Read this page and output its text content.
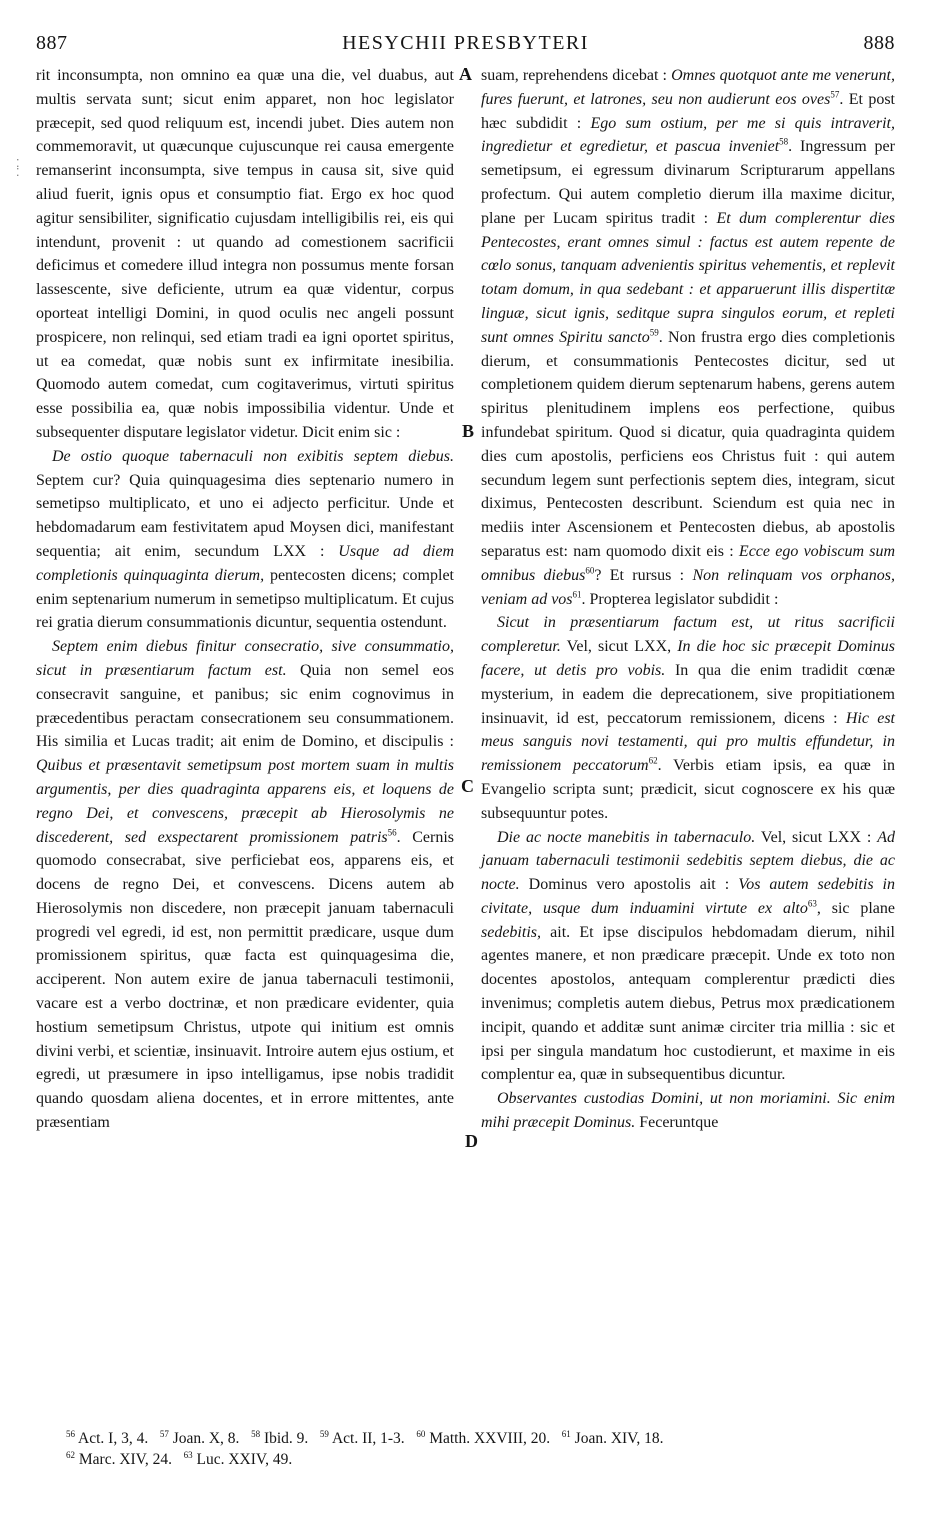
887	HESYCHII PRESBYTERI	888
⁚
⁚
A
B
C
D

rit inconsumpta, non omnino ea quæ una die, vel duabus, aut multis servata sunt; sicut enim apparet, non hoc legislator præcepit, sed quod reliquum est, incendi jubet. Dies autem non commemoravit, ut quæcunque cujuscunque rei causa emergente remanserint inconsumpta, sive tempus in causa sit, sive quid aliud fuerit, ignis opus et consumptio fiat. Ergo ex hoc quod agitur sensibiliter, significatio cujusdam intelligibilis rei, eis qui intendunt, provenit : ut quando ad comestionem sacrificii deficimus et comedere illud integra non possumus mente forsan lassescente, sive deficiente, utrum ea quæ videntur, corpus oporteat intelligi Domini, in quod oculis nec angeli possunt prospicere, non relinqui, sed etiam tradi ea igni oportet spiritus, ut ea comedat, quæ nobis sunt ex infirmitate inesibilia. Quomodo autem comedat, cum cogitaverimus, virtuti spiritus esse possibilia ea, quæ nobis impossibilia videntur. Unde et subsequenter disputare legislator videtur. Dicit enim sic :

De ostio quoque tabernaculi non exibitis septem diebus. Septem cur? Quia quinquagesima dies septenario numero in semetipso multiplicato, et uno ei adjecto perficitur. Unde et hebdomadarum eam festivitatem apud Moysen dici, manifestant sequentia; ait enim, secundum LXX : Usque ad diem completionis quinquaginta dierum, pentecosten dicens; complet enim septenarium numerum in semetipso multiplicatum. Et cujus rei gratia dierum consummationis dicuntur, sequentia ostendunt.

Septem enim diebus finitur consecratio, sive consummatio, sicut in præsentiarum factum est. Quia non semel eos consecravit sanguine, et panibus; sic enim cognovimus in præcedentibus peractam consecrationem seu consummationem. His similia et Lucas tradit; ait enim de Domino, et discipulis : Quibus et præsentavit semetipsum post mortem suam in multis argumentis, per dies quadraginta apparens eis, et loquens de regno Dei, et convescens, præcepit ab Hierosolymis ne discederent, sed exspectarent promissionem patris$^{56}$. Cernis quomodo consecrabat, sive perficiebat eos, apparens eis, et docens de regno Dei, et convescens. Dicens autem ab Hierosolymis non discedere, non præcepit januam tabernaculi progredi vel egredi, id est, non permittit prædicare, usque dum promissionem spiritus, quæ facta est quinquagesima die, acciperent. Non autem exire de janua tabernaculi testimonii, vacare est a verbo doctrinæ, et non prædicare evidenter, quia hostium semetipsum Christus, utpote qui initium est omnis divini verbi, et scientiæ, insinuavit. Introire autem ejus ostium, et egredi, ut præsumere in ipso intelligamus, ipse nobis tradidit quando quosdam aliena docentes, et in errore mittentes, ante præsentiam

suam, reprehendens dicebat : Omnes quotquot ante me venerunt, fures fuerunt, et latrones, seu non audierunt eos oves$^{57}$. Et post hæc subdidit : Ego sum ostium, per me si quis intraverit, ingredietur et egredietur, et pascua inveniet$^{58}$. Ingressum per semetipsum, ei egressum divinarum Scripturarum appellans profectum. Qui autem completio dierum illa maxime dicitur, plane per Lucam spiritus tradit : Et dum complerentur dies Pentecostes, erant omnes simul : factus est autem repente de cœlo sonus, tanquam advenientis spiritus vehementis, et replevit totam domum, in qua sedebant : et apparuerunt illis dispertitæ linguæ, sicut ignis, seditque supra singulos eorum, et repleti sunt omnes Spiritu sancto$^{59}$. Non frustra ergo dies completionis dierum, et consummationis Pentecostes dicitur, sed ut completionem quidem dierum septenarum habens, gerens autem spiritus plenitudinem implens eos perfectione, quibus infundebat spiritum. Quod si dicatur, quia quadraginta quidem dies cum apostolis, perficiens eos Christus fuit : qui autem secundum legem sunt perfectionis septem dies, integram, sicut diximus, Pentecosten describunt. Sciendum est quia nec in mediis inter Ascensionem et Pentecosten diebus, ab apostolis separatus est: nam quomodo dixit eis : Ecce ego vobiscum sum omnibus diebus$^{60}$? Et rursus : Non relinquam vos orphanos, veniam ad vos$^{61}$. Propterea legislator subdidit :

Sicut in præsentiarum factum est, ut ritus sacrificii compleretur. Vel, sicut LXX, In die hoc sic præcepit Dominus facere, ut detis pro vobis. In qua die enim tradidit cœnæ mysterium, in eadem die deprecationem, sive propitiationem insinuavit, id est, peccatorum remissionem, dicens : Hic est meus sanguis novi testamenti, qui pro multis effundetur, in remissionem peccatorum$^{62}$. Verbis etiam ipsis, ea quæ in Evangelio scripta sunt; prædicit, sicut cognoscere ex his quæ subsequuntur potes.

Die ac nocte manebitis in tabernaculo. Vel, sicut LXX : Ad januam tabernaculi testimonii sedebitis septem diebus, die ac nocte. Dominus vero apostolis ait : Vos autem sedebitis in civitate, usque dum induamini virtute ex alto$^{63}$, sic plane sedebitis, ait. Et ipse discipulos hebdomadam dierum, nihil agentes manere, et non prædicare præcepit. Unde ex toto non docentes apostolos, antequam complerentur prædicti dies invenimus; completis autem diebus, Petrus mox prædicationem incipit, quando et additæ sunt animæ circiter tria millia : sic et ipsi per singula mandatum hoc custodierunt, et maxime in eis complentur ea, quæ in subsequentibus dicuntur.

Observantes custodias Domini, ut non moriamini. Sic enim mihi præcepit Dominus. Feceruntque

$^{56}$ Act. I, 3, 4. $^{57}$ Joan. X, 8. $^{58}$ Ibid. 9. $^{59}$ Act. II, 1-3. $^{60}$ Matth. XXVIII, 20. $^{61}$ Joan. XIV, 18.
$^{62}$ Marc. XIV, 24. $^{63}$ Luc. XXIV, 49.
